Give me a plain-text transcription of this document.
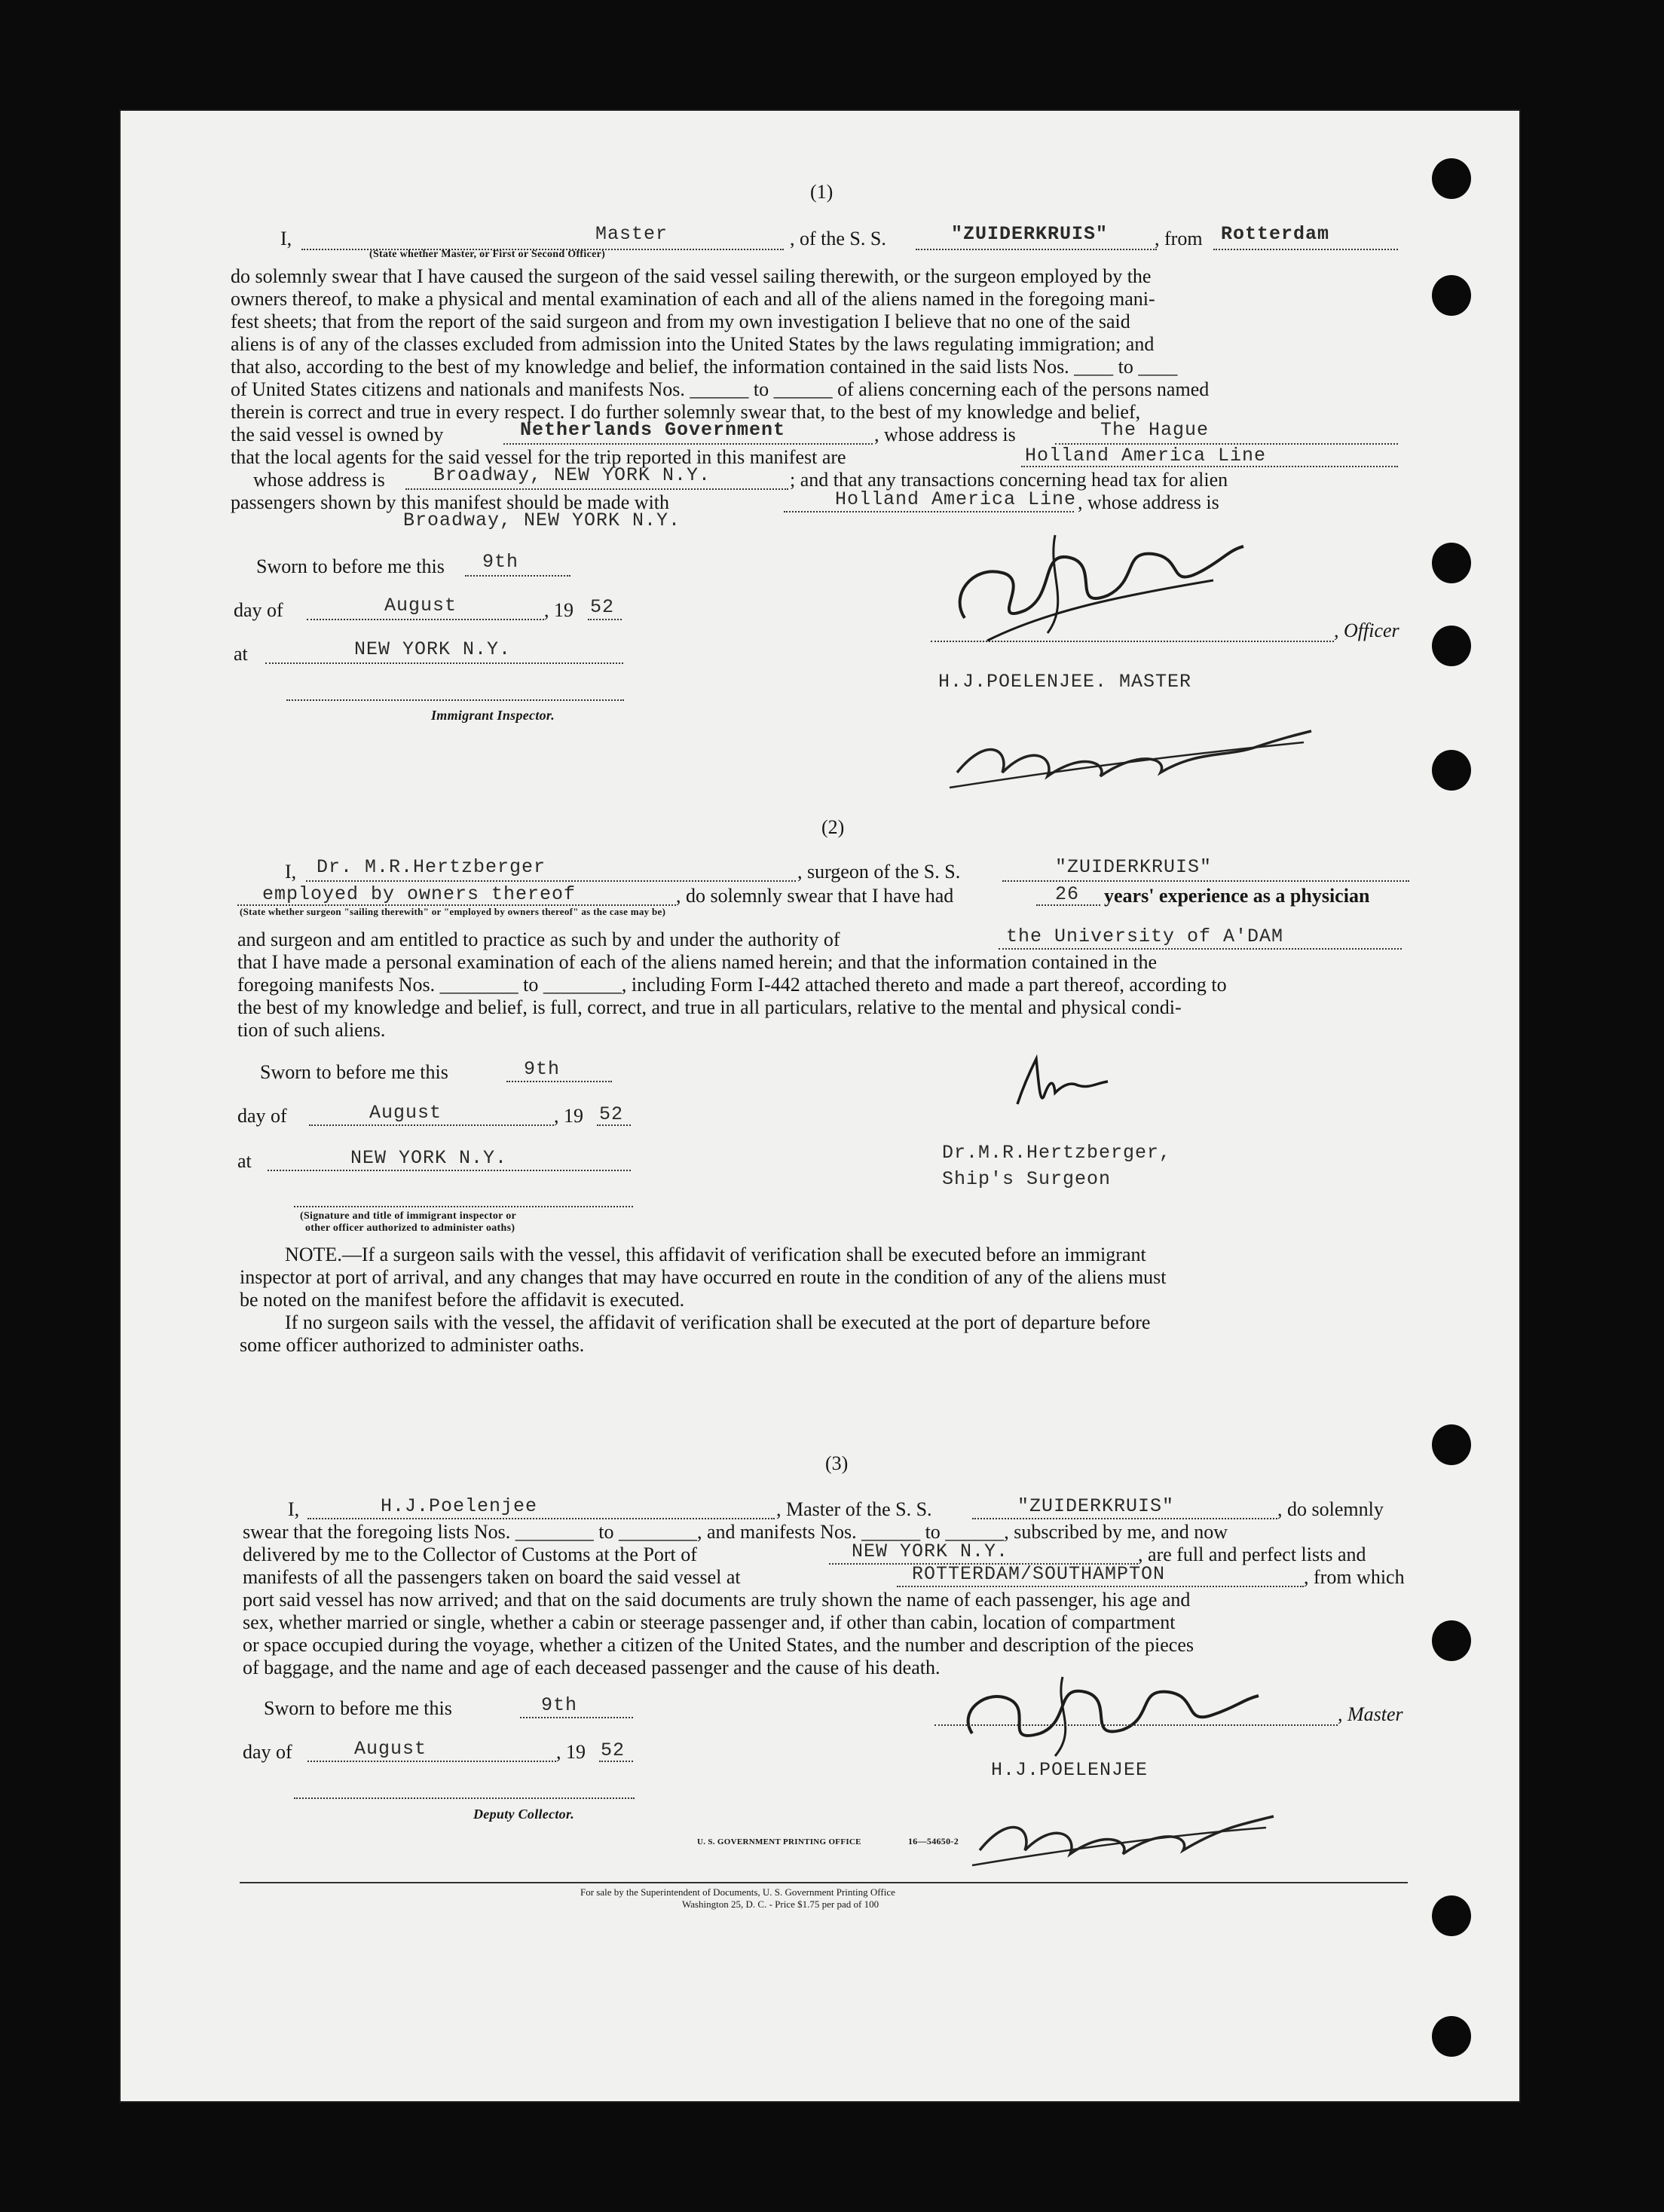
(1)
I,	Master	, of the S. S.	"ZUIDERKRUIS" , from Rotterdam
(State whether Master, or First or Second Officer)
do solemnly swear that I have caused the surgeon of the said vessel sailing therewith, or the surgeon employed by the
owners thereof, to make a physical and mental examination of each and all of the aliens named in the foregoing mani-
fest sheets; that from the report of the said surgeon and from my own investigation I believe that no one of the said
aliens is of any of the classes excluded from admission into the United States by the laws regulating immigration; and
that also, according to the best of my knowledge and belief, the information contained in the said lists Nos. ____ to ____
of United States citizens and nationals and manifests Nos. ______ to ______ of aliens concerning each of the persons named
therein is correct and true in every respect. I do further solemnly swear that, to the best of my knowledge and belief,
the said vessel is owned by	Netherlands Government	, whose address is	The Hague
that the local agents for the said vessel for the trip reported in this manifest are	Holland America Line
whose address is	Broadway, NEW YORK N.Y.	; and that any transactions concerning head tax for alien
passengers shown by this manifest should be made with	Holland America Line , whose address is
Broadway, NEW YORK N.Y.
Sworn to before me this 9th
day of	August	, 19 52
at	NEW YORK N.Y.
Immigrant Inspector.
, Officer
H.J.POELENJEE. MASTER
(2)
I, Dr. M.R.Hertzberger	, surgeon of the S. S.	"ZUIDERKRUIS"
employed by owners thereof	, do solemnly swear that I have had	26 years' experience as a physician
(State whether surgeon "sailing therewith" or "employed by owners thereof" as the case may be)
and surgeon and am entitled to practice as such by and under the authority of	the University of A'DAM
that I have made a personal examination of each of the aliens named herein; and that the information contained in the
foregoing manifests Nos. ________ to ________, including Form I-442 attached thereto and made a part thereof, according to
the best of my knowledge and belief, is full, correct, and true in all particulars, relative to the mental and physical condi-
tion of such aliens.
Sworn to before me this	9th
day of	August	, 19 52
at	NEW YORK N.Y.
(Signature and title of immigrant inspector or
other officer authorized to administer oaths)
Dr.M.R.Hertzberger,
Ship's Surgeon
NOTE.—If a surgeon sails with the vessel, this affidavit of verification shall be executed before an immigrant
inspector at port of arrival, and any changes that may have occurred en route in the condition of any of the aliens must
be noted on the manifest before the affidavit is executed.
If no surgeon sails with the vessel, the affidavit of verification shall be executed at the port of departure before
some officer authorized to administer oaths.
(3)
I,	H.J.Poelenjee	, Master of the S. S.	"ZUIDERKRUIS"	, do solemnly
swear that the foregoing lists Nos. ________ to ________, and manifests Nos. ______ to ______, subscribed by me, and now
delivered by me to the Collector of Customs at the Port of	NEW YORK N.Y.	, are full and perfect lists and
manifests of all the passengers taken on board the said vessel at	ROTTERDAM/SOUTHAMPTON	, from which
port said vessel has now arrived; and that on the said documents are truly shown the name of each passenger, his age and
sex, whether married or single, whether a cabin or steerage passenger and, if other than cabin, location of compartment
or space occupied during the voyage, whether a citizen of the United States, and the number and description of the pieces
of baggage, and the name and age of each deceased passenger and the cause of his death.
Sworn to before me this	9th
day of	August	, 19 52
Deputy Collector.
, Master
H.J.POELENJEE
U. S. GOVERNMENT PRINTING OFFICE	16—54650-2
For sale by the Superintendent of Documents, U. S. Government Printing Office
Washington 25, D. C. - Price $1.75 per pad of 100
